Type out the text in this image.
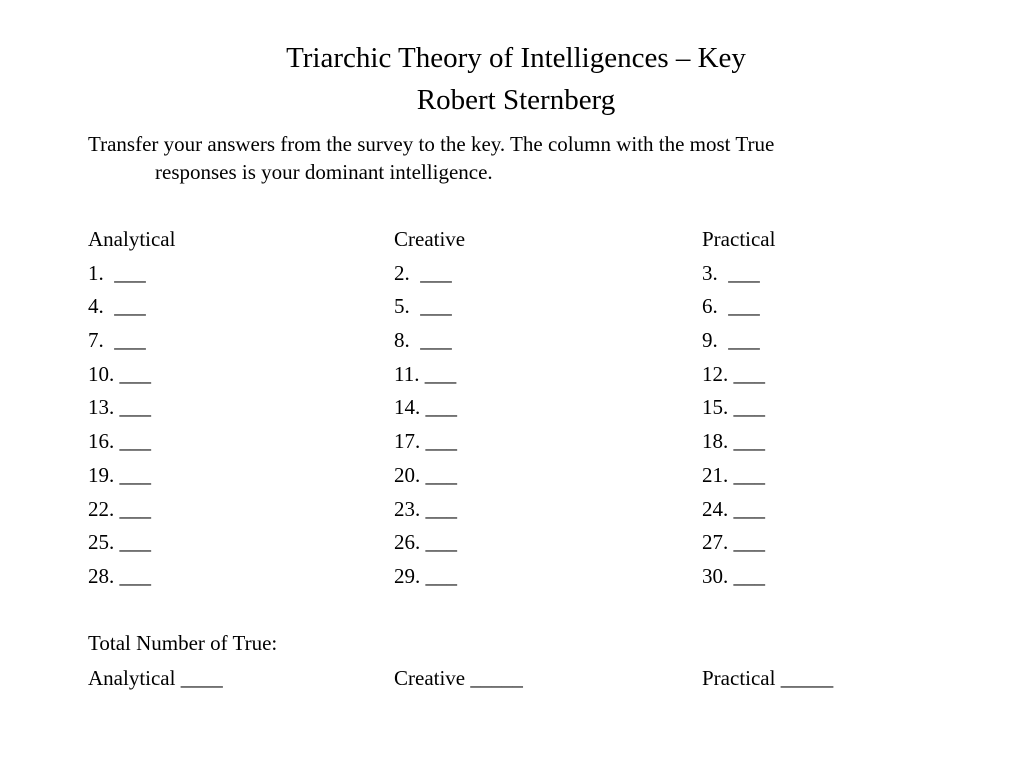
Triarchic Theory of Intelligences – Key
Robert Sternberg
Transfer your answers from the survey to the key. The column with the most True
responses is your dominant intelligence.
Analytical
1.  ___
4.  ___
7.  ___
10. ___
13. ___
16. ___
19. ___
22. ___
25. ___
28. ___
Creative
2.  ___
5.  ___
8.  ___
11. ___
14. ___
17. ___
20. ___
23. ___
26. ___
29. ___
Practical
3.  ___
6.  ___
9.  ___
12. ___
15. ___
18. ___
21. ___
24. ___
27. ___
30. ___
Total Number of True:
Analytical ____	Creative _____	Practical _____
